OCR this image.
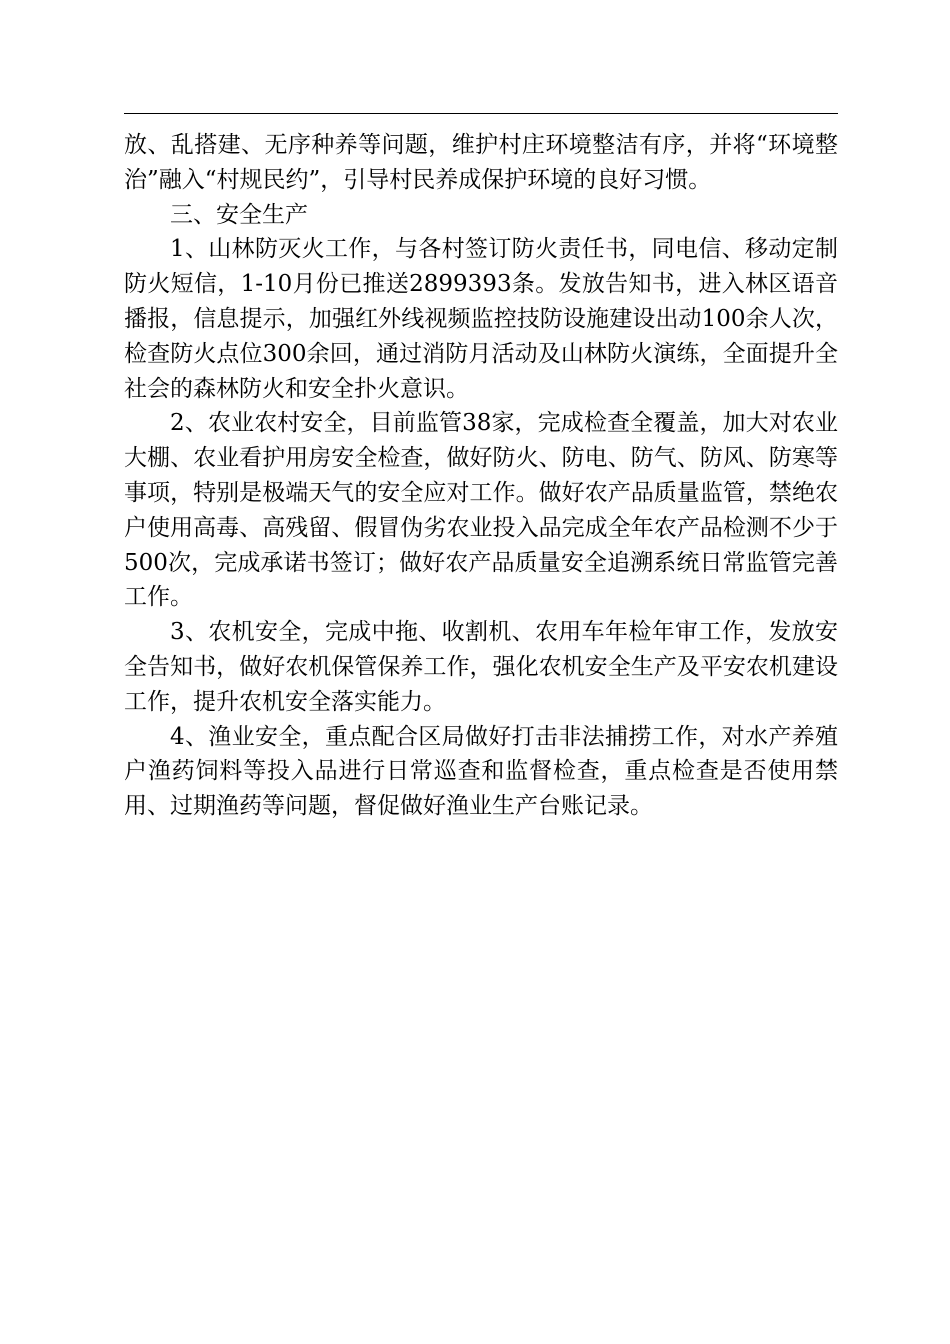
放、乱搭建、无序种养等问题，维护村庄环境整洁有序，并将“环境整治”融入“村规民约”，引导村民养成保护环境的良好习惯。

三、安全生产

1、山林防灭火工作，与各村签订防火责任书，同电信、移动定制防火短信，1-10月份已推送2899393条。发放告知书，进入林区语音播报，信息提示，加强红外线视频监控技防设施建设出动100余人次，检查防火点位300余回，通过消防月活动及山林防火演练，全面提升全社会的森林防火和安全扑火意识。

2、农业农村安全，目前监管38家，完成检查全覆盖，加大对农业大棚、农业看护用房安全检查，做好防火、防电、防气、防风、防寒等事项，特别是极端天气的安全应对工作。做好农产品质量监管，禁绝农户使用高毒、高残留、假冒伪劣农业投入品完成全年农产品检测不少于500次，完成承诺书签订；做好农产品质量安全追溯系统日常监管完善工作。

3、农机安全，完成中拖、收割机、农用车年检年审工作，发放安全告知书，做好农机保管保养工作，强化农机安全生产及平安农机建设工作，提升农机安全落实能力。

4、渔业安全，重点配合区局做好打击非法捕捞工作，对水产养殖户渔药饲料等投入品进行日常巡查和监督检查，重点检查是否使用禁用、过期渔药等问题，督促做好渔业生产台账记录。
